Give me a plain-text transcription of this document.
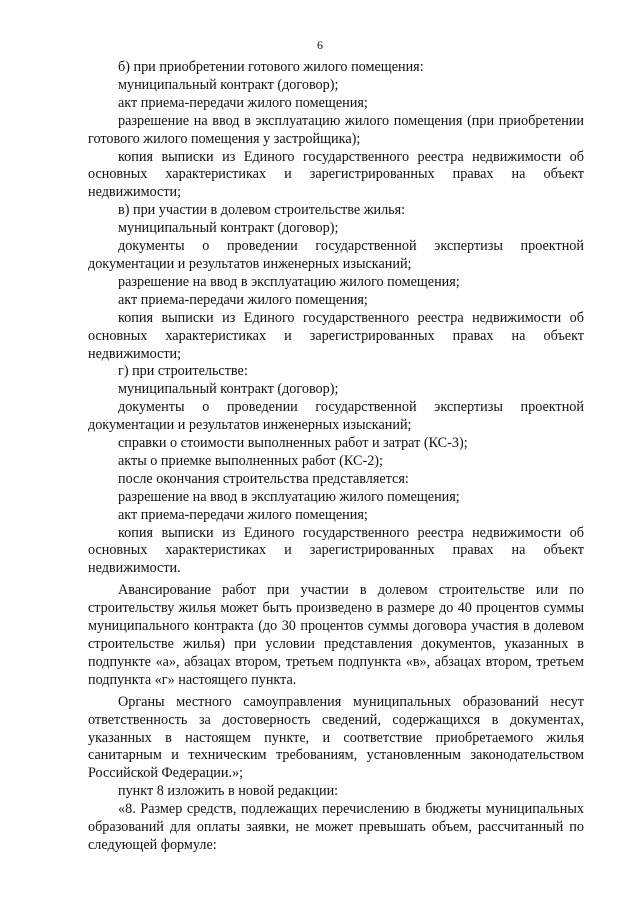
6

б) при приобретении готового жилого помещения:

муниципальный контракт (договор);

акт приема-передачи жилого помещения;

разрешение на ввод в эксплуатацию жилого помещения (при приобретении готового жилого помещения у застройщика);

копия выписки из Единого государственного реестра недвижимости об основных характеристиках и зарегистрированных правах на объект недвижимости;

в) при участии в долевом строительстве жилья:

муниципальный контракт (договор);

документы о проведении государственной экспертизы проектной документации и результатов инженерных изысканий;

разрешение на ввод в эксплуатацию жилого помещения;

акт приема-передачи жилого помещения;

копия выписки из Единого государственного реестра недвижимости об основных характеристиках и зарегистрированных правах на объект недвижимости;

г) при строительстве:

муниципальный контракт (договор);

документы о проведении государственной экспертизы проектной документации и результатов инженерных изысканий;

справки о стоимости выполненных работ и затрат (КС-3);

акты о приемке выполненных работ (КС-2);

после окончания строительства представляется:

разрешение на ввод в эксплуатацию жилого помещения;

акт приема-передачи жилого помещения;

копия выписки из Единого государственного реестра недвижимости об основных характеристиках и зарегистрированных правах на объект недвижимости.

Авансирование работ при участии в долевом строительстве или по строительству жилья может быть произведено в размере до 40 процентов суммы муниципального контракта (до 30 процентов суммы договора участия в долевом строительстве жилья) при условии представления документов, указанных в подпункте «а», абзацах втором, третьем подпункта «в», абзацах втором, третьем подпункта «г» настоящего пункта.

Органы местного самоуправления муниципальных образований несут ответственность за достоверность сведений, содержащихся в документах, указанных в настоящем пункте, и соответствие приобретаемого жилья санитарным и техническим требованиям, установленным законодательством Российской Федерации.»;

пункт 8 изложить в новой редакции:

«8. Размер средств, подлежащих перечислению в бюджеты муниципальных образований для оплаты заявки, не может превышать объем, рассчитанный по следующей формуле:
